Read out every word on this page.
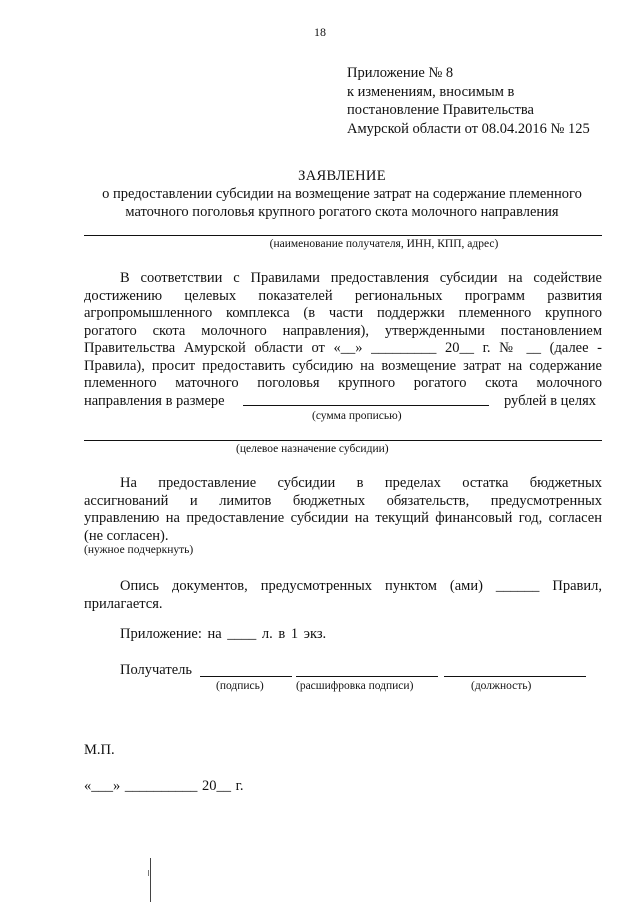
18
Приложение № 8
к изменениям, вносимым в
постановление Правительства
Амурской области от 08.04.2016 № 125
ЗАЯВЛЕНИЕ
о предоставлении субсидии на возмещение затрат на содержание племенного
маточного поголовья крупного рогатого скота молочного направления
(наименование получателя, ИНН, КПП, адрес)
В соответствии с Правилами предоставления субсидии на содействие
достижению целевых показателей региональных программ развития
агропромышленного комплекса (в части поддержки племенного крупного
рогатого скота молочного направления), утвержденными постановлением
Правительства Амурской области от «__» _________ 20__ г. № __ (далее -
Правила), просит предоставить субсидию на возмещение затрат на содержание
племенного маточного поголовья крупного рогатого скота молочного
направления в размере	рублей в целях
(сумма прописью)
(целевое назначение субсидии)
На предоставление субсидии в пределах остатка бюджетных
ассигнований и лимитов бюджетных обязательств, предусмотренных
управлению на предоставление субсидии на текущий финансовый год, согласен
(не согласен).
(нужное подчеркнуть)
Опись документов, предусмотренных пунктом (ами) ______ Правил,
прилагается.
Приложение: на ____ л. в 1 экз.
Получатель
(подпись)	(расшифровка подписи)	(должность)
М.П.
«___» __________ 20__ г.
